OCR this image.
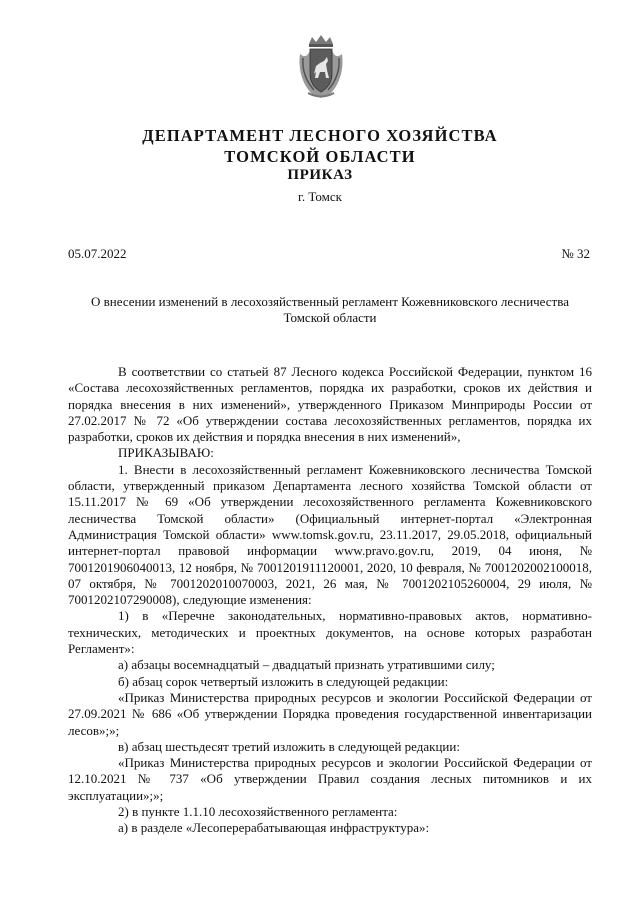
ДЕПАРТАМЕНТ ЛЕСНОГО ХОЗЯЙСТВА
ТОМСКОЙ ОБЛАСТИ
ПРИКАЗ
г. Томск
05.07.2022	№ 32
О внесении изменений в лесохозяйственный регламент Кожевниковского лесничества Томской области

В соответствии со статьей 87 Лесного кодекса Российской Федерации, пунктом 16 «Состава лесохозяйственных регламентов, порядка их разработки, сроков их действия и порядка внесения в них изменений», утвержденного Приказом Минприроды России от 27.02.2017 № 72 «Об утверждении состава лесохозяйственных регламентов, порядка их разработки, сроков их действия и порядка внесения в них изменений»,

ПРИКАЗЫВАЮ:

1. Внести в лесохозяйственный регламент Кожевниковского лесничества Томской области, утвержденный приказом Департамента лесного хозяйства Томской области от 15.11.2017 № 69 «Об утверждении лесохозяйственного регламента Кожевниковского лесничества Томской области» (Официальный интернет-портал «Электронная Администрация Томской области» www.tomsk.gov.ru, 23.11.2017, 29.05.2018, официальный интернет-портал правовой информации www.pravo.gov.ru, 2019, 04 июня, № 7001201906040013, 12 ноября, № 7001201911120001, 2020, 10 февраля, № 7001202002100018, 07 октября, № 7001202010070003, 2021, 26 мая, № 7001202105260004, 29 июля, № 7001202107290008), следующие изменения:

1) в «Перечне законодательных, нормативно-правовых актов, нормативно-технических, методических и проектных документов, на основе которых разработан Регламент»:

а) абзацы восемнадцатый – двадцатый признать утратившими силу;

б) абзац сорок четвертый изложить в следующей редакции:

«Приказ Министерства природных ресурсов и экологии Российской Федерации от 27.09.2021 № 686 «Об утверждении Порядка проведения государственной инвентаризации лесов»;»;

в) абзац шестьдесят третий изложить в следующей редакции:

«Приказ Министерства природных ресурсов и экологии Российской Федерации от 12.10.2021 № 737 «Об утверждении Правил создания лесных питомников и их эксплуатации»;»;

2) в пункте 1.1.10 лесохозяйственного регламента:

а) в разделе «Лесоперерабатывающая инфраструктура»:
